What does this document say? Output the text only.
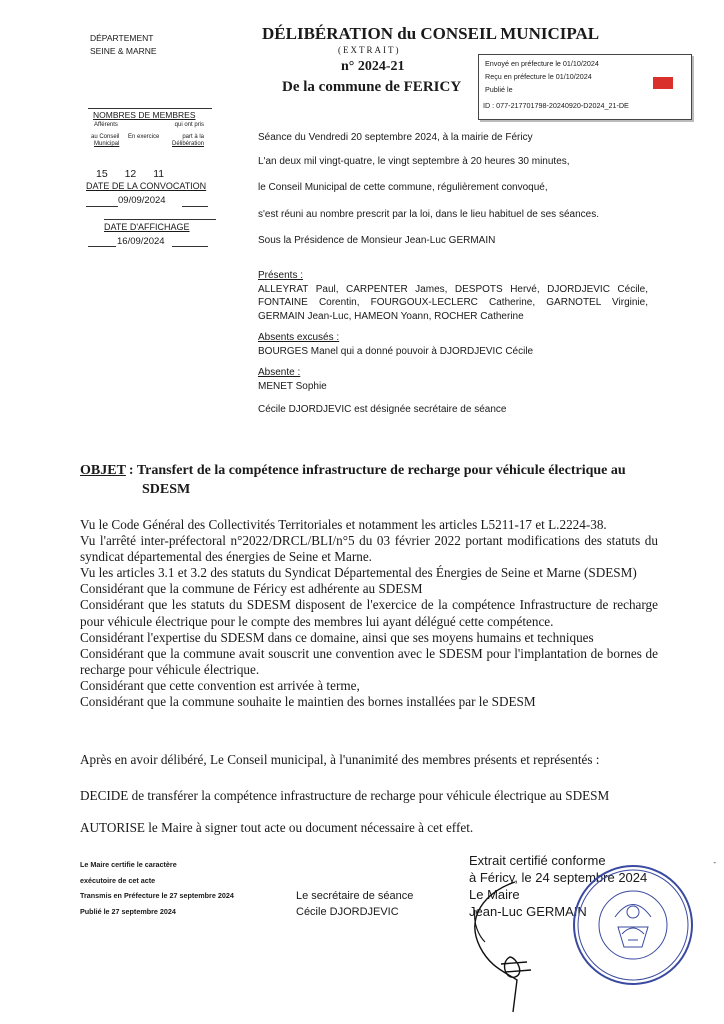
DÉPARTEMENT
SEINE & MARNE
DÉLIBÉRATION du CONSEIL MUNICIPAL
(EXTRAIT)
n° 2024-21
De la commune de FERICY
Envoyé en préfecture le 01/10/2024
Reçu en préfecture le 01/10/2024
Publié le
ID : 077-217701798-20240920-D2024_21-DE
NOMBRES DE MEMBRES
Afférents
au Conseil
Municipal
En exercice
qui ont pris
part à la
Délibération
15 12 11
DATE DE LA CONVOCATION
09/09/2024
DATE D'AFFICHAGE
16/09/2024
Séance du Vendredi 20 septembre 2024, à la mairie de Féricy
L'an deux mil vingt-quatre, le vingt septembre à 20 heures 30 minutes,
le Conseil Municipal de cette commune, régulièrement convoqué,
s'est réuni au nombre prescrit par la loi, dans le lieu habituel de ses séances.
Sous la Présidence de Monsieur Jean-Luc GERMAIN
Présents :
ALLEYRAT Paul, CARPENTER James, DESPOTS Hervé, DJORDJEVIC Cécile, FONTAINE Corentin, FOURGOUX-LECLERC Catherine, GARNOTEL Virginie, GERMAIN Jean-Luc, HAMEON Yoann, ROCHER Catherine
Absents excusés :
BOURGES Manel qui a donné pouvoir à DJORDJEVIC Cécile
Absente :
MENET Sophie
Cécile DJORDJEVIC est désignée secrétaire de séance
OBJET : Transfert de la compétence infrastructure de recharge pour véhicule électrique au
SDESM

Vu le Code Général des Collectivités Territoriales et notamment les articles L5211-17 et L.2224-38.

Vu l'arrêté inter-préfectoral n°2022/DRCL/BLI/n°5 du 03 février 2022 portant modifications des statuts du syndicat départemental des énergies de Seine et Marne.

Vu les articles 3.1 et 3.2 des statuts du Syndicat Départemental des Énergies de Seine et Marne (SDESM)

Considérant que la commune de Féricy est adhérente au SDESM

Considérant que les statuts du SDESM disposent de l'exercice de la compétence Infrastructure de recharge pour véhicule électrique pour le compte des membres lui ayant délégué cette compétence.

Considérant l'expertise du SDESM dans ce domaine, ainsi que ses moyens humains et techniques

Considérant que la commune avait souscrit une convention avec le SDESM pour l'implantation de bornes de recharge pour véhicule électrique.

Considérant que cette convention est arrivée à terme,

Considérant que la commune souhaite le maintien des bornes installées par le SDESM

Après en avoir délibéré, Le Conseil municipal, à l'unanimité des membres présents et représentés :
DECIDE de transférer la compétence infrastructure de recharge pour véhicule électrique au SDESM
AUTORISE le Maire à signer tout acte ou document nécessaire à cet effet.
Le Maire certifie le caractère
exécutoire de cet acte
Transmis en Préfecture le 27 septembre 2024
Publié le 27 septembre 2024
Le secrétaire de séance
Cécile DJORDJEVIC
Extrait certifié conforme
à Féricy, le 24 septembre 2024
Le Maire
Jean-Luc GERMAIN
-
